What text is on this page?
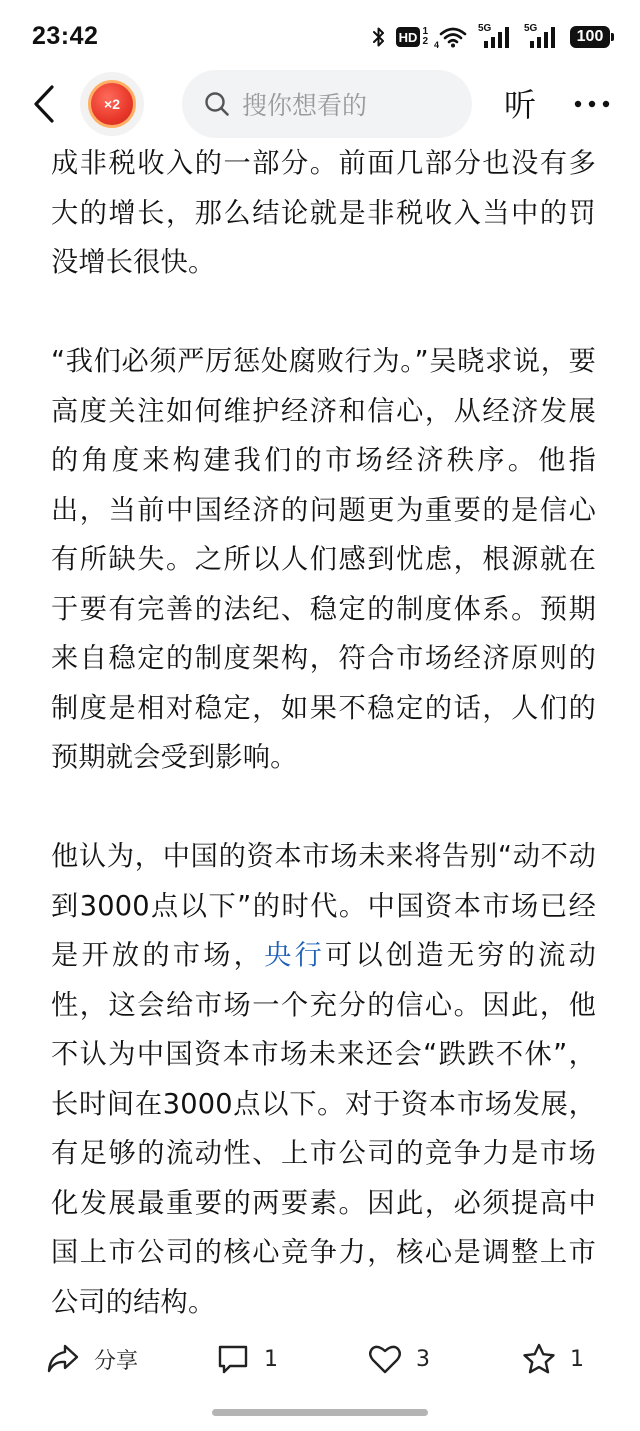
23:42	HD 1
2 4
5G	5G	100
×2	搜你想看的	听

成非税收入的一部分。前面几部分也没有多大的增长，那么结论就是非税收入当中的罚没增长很快。

“我们必须严厉惩处腐败行为。”吴晓求说，要高度关注如何维护经济和信心，从经济发展的角度来构建我们的市场经济秩序。他指出，当前中国经济的问题更为重要的是信心有所缺失。之所以人们感到忧虑，根源就在于要有完善的法纪、稳定的制度体系。预期来自稳定的制度架构，符合市场经济原则的制度是相对稳定，如果不稳定的话，人们的预期就会受到影响。

他认为，中国的资本市场未来将告别“动不动到3000点以下”的时代。中国资本市场已经是开放的市场，央行可以创造无穷的流动性，这会给市场一个充分的信心。因此，他不认为中国资本市场未来还会“跌跌不休”，长时间在3000点以下。对于资本市场发展，有足够的流动性、上市公司的竞争力是市场化发展最重要的两要素。因此，必须提高中国上市公司的核心竞争力，核心是调整上市公司的结构。

分享	1	3	1
